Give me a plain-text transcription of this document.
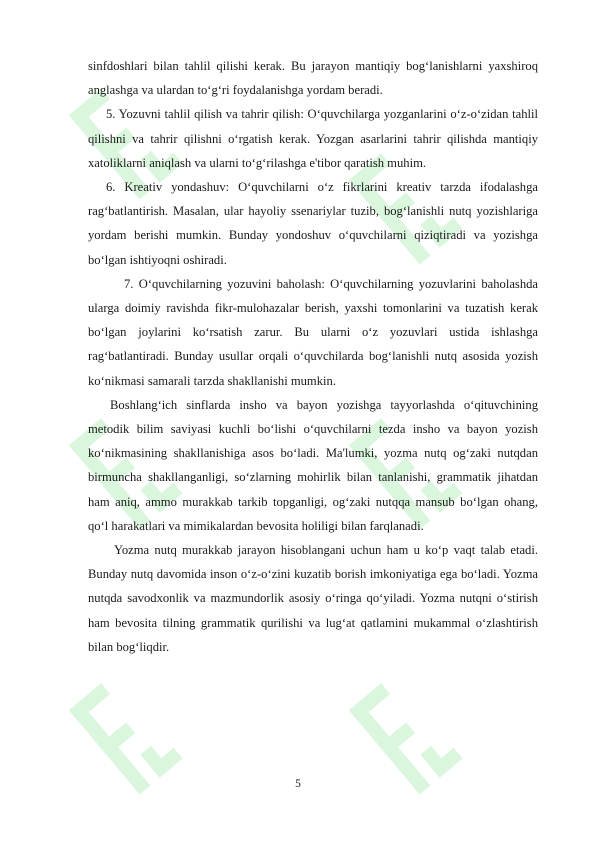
sinfdoshlari bilan tahlil qilishi kerak. Bu jarayon mantiqiy bog‘lanishlarni yaxshiroq anglashga va ulardan to‘g‘ri foydalanishga yordam beradi.

5. Yozuvni tahlil qilish va tahrir qilish: O‘quvchilarga yozganlarini o‘z-o‘zidan tahlil qilishni va tahrir qilishni o‘rgatish kerak. Yozgan asarlarini tahrir qilishda mantiqiy xatoliklarni aniqlash va ularni to‘g‘rilashga e'tibor qaratish muhim.

6. Kreativ yondashuv: O‘quvchilarni o‘z fikrlarini kreativ tarzda ifodalashga rag‘batlantirish. Masalan, ular hayoliy ssenariylar tuzib, bog‘lanishli nutq yozishlariga yordam berishi mumkin. Bunday yondoshuv o‘quvchilarni qiziqtiradi va yozishga bo‘lgan ishtiyoqni oshiradi.

7. O‘quvchilarning yozuvini baholash: O‘quvchilarning yozuvlarini baholashda ularga doimiy ravishda fikr-mulohazalar berish, yaxshi tomonlarini va tuzatish kerak bo‘lgan joylarini ko‘rsatish zarur. Bu ularni o‘z yozuvlari ustida ishlashga rag‘batlantiradi. Bunday usullar orqali o‘quvchilarda bog‘lanishli nutq asosida yozish ko‘nikmasi samarali tarzda shakllanishi mumkin.

Boshlang‘ich sinflarda insho va bayon yozishga tayyorlashda o‘qituvchining metodik bilim saviyasi kuchli bo‘lishi o‘quvchilarni tezda insho va bayon yozish ko‘nikmasining shakllanishiga asos bo‘ladi. Ma'lumki, yozma nutq og‘zaki nutqdan birmuncha shakllanganligi, so‘zlarning mohirlik bilan tanlanishi, grammatik jihatdan ham aniq, ammo murakkab tarkib topganligi, og‘zaki nutqqa mansub bo‘lgan ohang, qo‘l harakatlari va mimikalardan bevosita holiligi bilan farqlanadi.

Yozma nutq murakkab jarayon hisoblangani uchun ham u ko‘p vaqt talab etadi. Bunday nutq davomida inson o‘z-o‘zini kuzatib borish imkoniyatiga ega bo‘ladi. Yozma nutqda savodxonlik va mazmundorlik asosiy o‘ringa qo‘yiladi. Yozma nutqni o‘stirish ham bevosita tilning grammatik qurilishi va lug‘at qatlamini mukammal o‘zlashtirish bilan bog‘liqdir.

5
